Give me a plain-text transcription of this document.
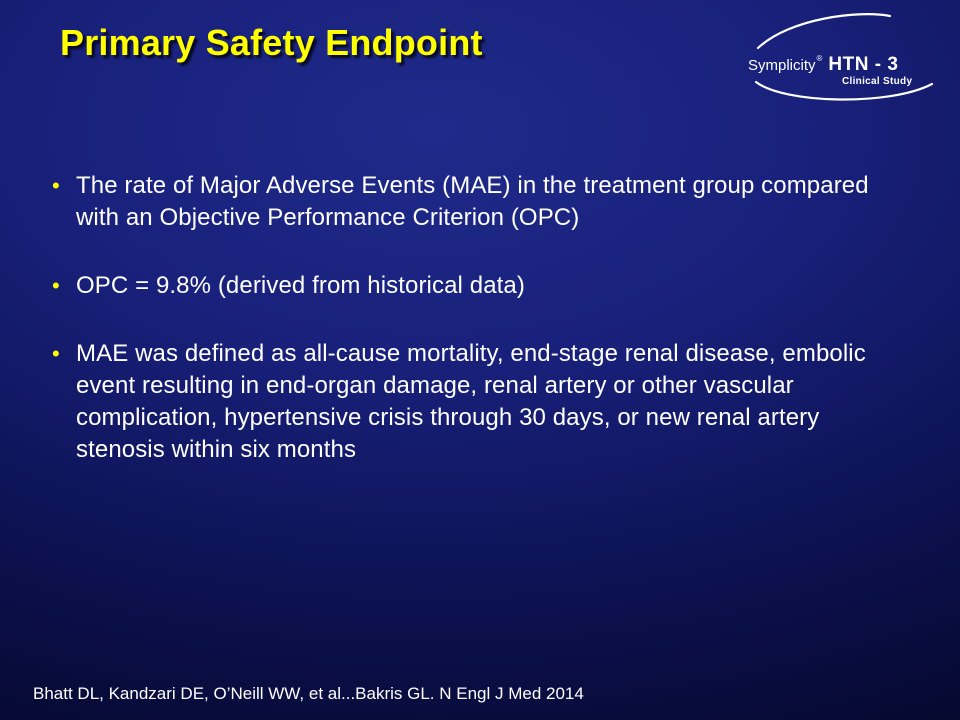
Primary Safety Endpoint
Symplicity® HTN - 3
Clinical Study
• The rate of Major Adverse Events (MAE) in the treatment group compared with an Objective Performance Criterion (OPC)
• OPC = 9.8% (derived from historical data)
• MAE was defined as all-cause mortality, end-stage renal disease, embolic event resulting in end-organ damage, renal artery or other vascular complication, hypertensive crisis through 30 days, or new renal artery stenosis within six months

Bhatt DL, Kandzari DE, O’Neill WW, et al...Bakris GL. N Engl J Med 2014
